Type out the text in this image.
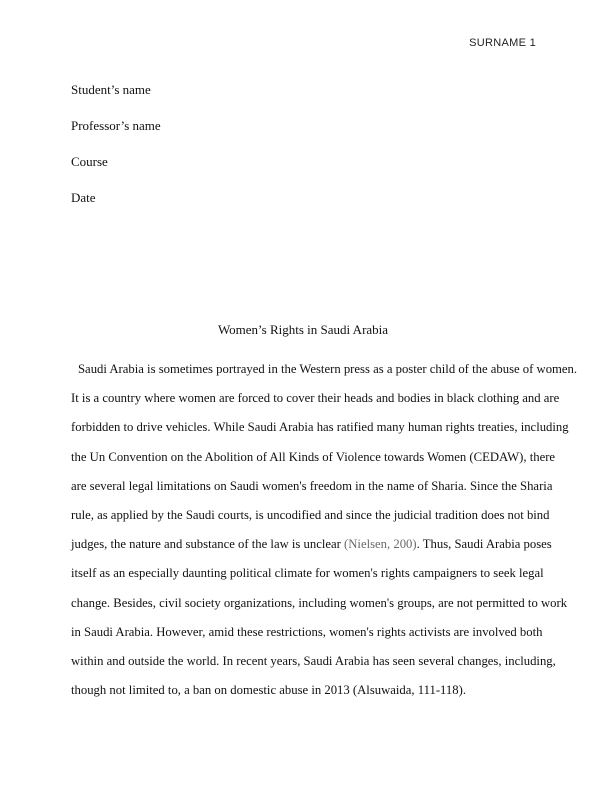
SURNAME 1
Student’s name
Professor’s name
Course
Date
Women’s Rights in Saudi Arabia
Saudi Arabia is sometimes portrayed in the Western press as a poster child of the abuse of women.
It is a country where women are forced to cover their heads and bodies in black clothing and are
forbidden to drive vehicles. While Saudi Arabia has ratified many human rights treaties, including
the Un Convention on the Abolition of All Kinds of Violence towards Women (CEDAW), there
are several legal limitations on Saudi women's freedom in the name of Sharia. Since the Sharia
rule, as applied by the Saudi courts, is uncodified and since the judicial tradition does not bind
judges, the nature and substance of the law is unclear (Nielsen, 200). Thus, Saudi Arabia poses
itself as an especially daunting political climate for women's rights campaigners to seek legal
change. Besides, civil society organizations, including women's groups, are not permitted to work
in Saudi Arabia. However, amid these restrictions, women's rights activists are involved both
within and outside the world. In recent years, Saudi Arabia has seen several changes, including,
though not limited to, a ban on domestic abuse in 2013 (Alsuwaida, 111-118).
